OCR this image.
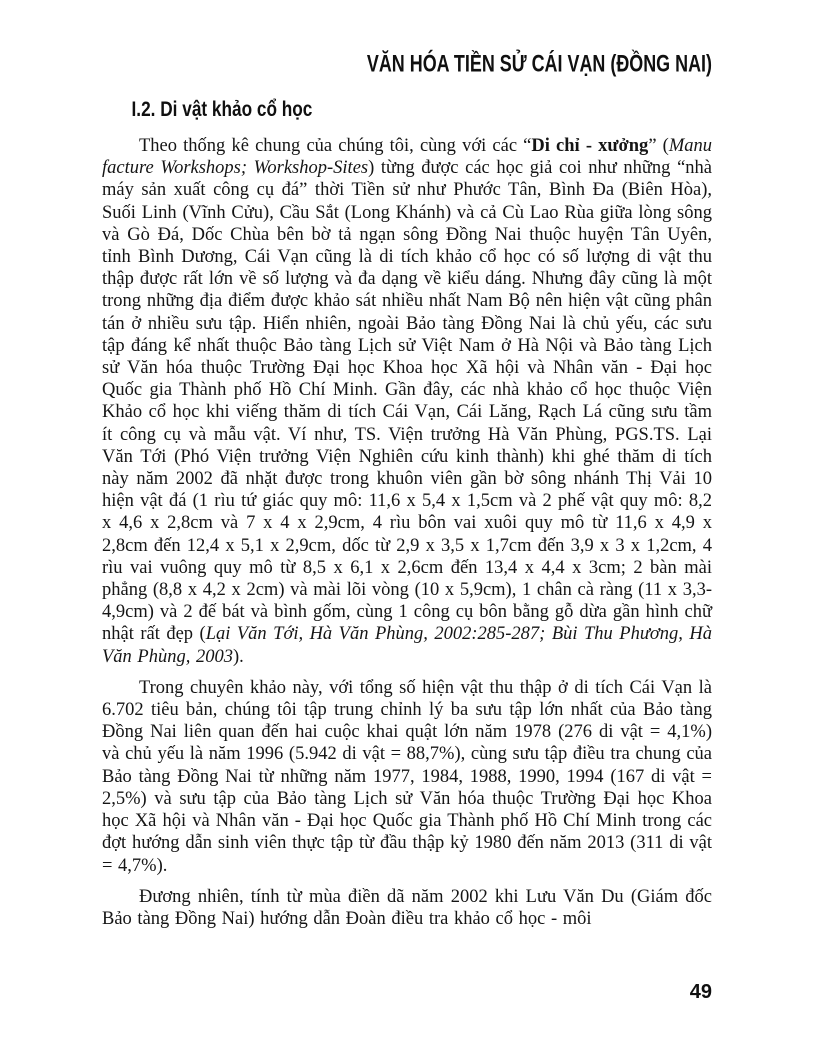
VĂN HÓA TIỀN SỬ CÁI VẠN (ĐỒNG NAI)
I.2. Di vật khảo cổ học

Theo thống kê chung của chúng tôi, cùng với các “Di chỉ - xưởng” (Manu facture Workshops; Workshop-Sites) từng được các học giả coi như những “nhà máy sản xuất công cụ đá” thời Tiền sử như Phước Tân, Bình Đa (Biên Hòa), Suối Linh (Vĩnh Cửu), Cầu Sắt (Long Khánh) và cả Cù Lao Rùa giữa lòng sông và Gò Đá, Dốc Chùa bên bờ tả ngạn sông Đồng Nai thuộc huyện Tân Uyên, tỉnh Bình Dương, Cái Vạn cũng là di tích khảo cổ học có số lượng di vật thu thập được rất lớn về số lượng và đa dạng về kiểu dáng. Nhưng đây cũng là một trong những địa điểm được khảo sát nhiều nhất Nam Bộ nên hiện vật cũng phân tán ở nhiều sưu tập. Hiển nhiên, ngoài Bảo tàng Đồng Nai là chủ yếu, các sưu tập đáng kể nhất thuộc Bảo tàng Lịch sử Việt Nam ở Hà Nội và Bảo tàng Lịch sử Văn hóa thuộc Trường Đại học Khoa học Xã hội và Nhân văn - Đại học Quốc gia Thành phố Hồ Chí Minh. Gần đây, các nhà khảo cổ học thuộc Viện Khảo cổ học khi viếng thăm di tích Cái Vạn, Cái Lăng, Rạch Lá cũng sưu tầm ít công cụ và mẫu vật. Ví như, TS. Viện trưởng Hà Văn Phùng, PGS.TS. Lại Văn Tới (Phó Viện trưởng Viện Nghiên cứu kinh thành) khi ghé thăm di tích này năm 2002 đã nhặt được trong khuôn viên gần bờ sông nhánh Thị Vải 10 hiện vật đá (1 rìu tứ giác quy mô: 11,6 x 5,4 x 1,5cm và 2 phế vật quy mô: 8,2 x 4,6 x 2,8cm và 7 x 4 x 2,9cm, 4 rìu bôn vai xuôi quy mô từ 11,6 x 4,9 x 2,8cm đến 12,4 x 5,1 x 2,9cm, dốc từ 2,9 x 3,5 x 1,7cm đến 3,9 x 3 x 1,2cm, 4 rìu vai vuông quy mô từ 8,5 x 6,1 x 2,6cm đến 13,4 x 4,4 x 3cm; 2 bàn mài phẳng (8,8 x 4,2 x 2cm) và mài lõi vòng (10 x 5,9cm), 1 chân cà ràng (11 x 3,3-4,9cm) và 2 đế bát và bình gốm, cùng 1 công cụ bôn bằng gỗ dừa gần hình chữ nhật rất đẹp (Lại Văn Tới, Hà Văn Phùng, 2002:285-287; Bùi Thu Phương, Hà Văn Phùng, 2003).

Trong chuyên khảo này, với tổng số hiện vật thu thập ở di tích Cái Vạn là 6.702 tiêu bản, chúng tôi tập trung chỉnh lý ba sưu tập lớn nhất của Bảo tàng Đồng Nai liên quan đến hai cuộc khai quật lớn năm 1978 (276 di vật = 4,1%) và chủ yếu là năm 1996 (5.942 di vật = 88,7%), cùng sưu tập điều tra chung của Bảo tàng Đồng Nai từ những năm 1977, 1984, 1988, 1990, 1994 (167 di vật = 2,5%) và sưu tập của Bảo tàng Lịch sử Văn hóa thuộc Trường Đại học Khoa học Xã hội và Nhân văn - Đại học Quốc gia Thành phố Hồ Chí Minh trong các đợt hướng dẫn sinh viên thực tập từ đầu thập kỷ 1980 đến năm 2013 (311 di vật = 4,7%).

Đương nhiên, tính từ mùa điền dã năm 2002 khi Lưu Văn Du (Giám đốc Bảo tàng Đồng Nai) hướng dẫn Đoàn điều tra khảo cổ học - môi

49
